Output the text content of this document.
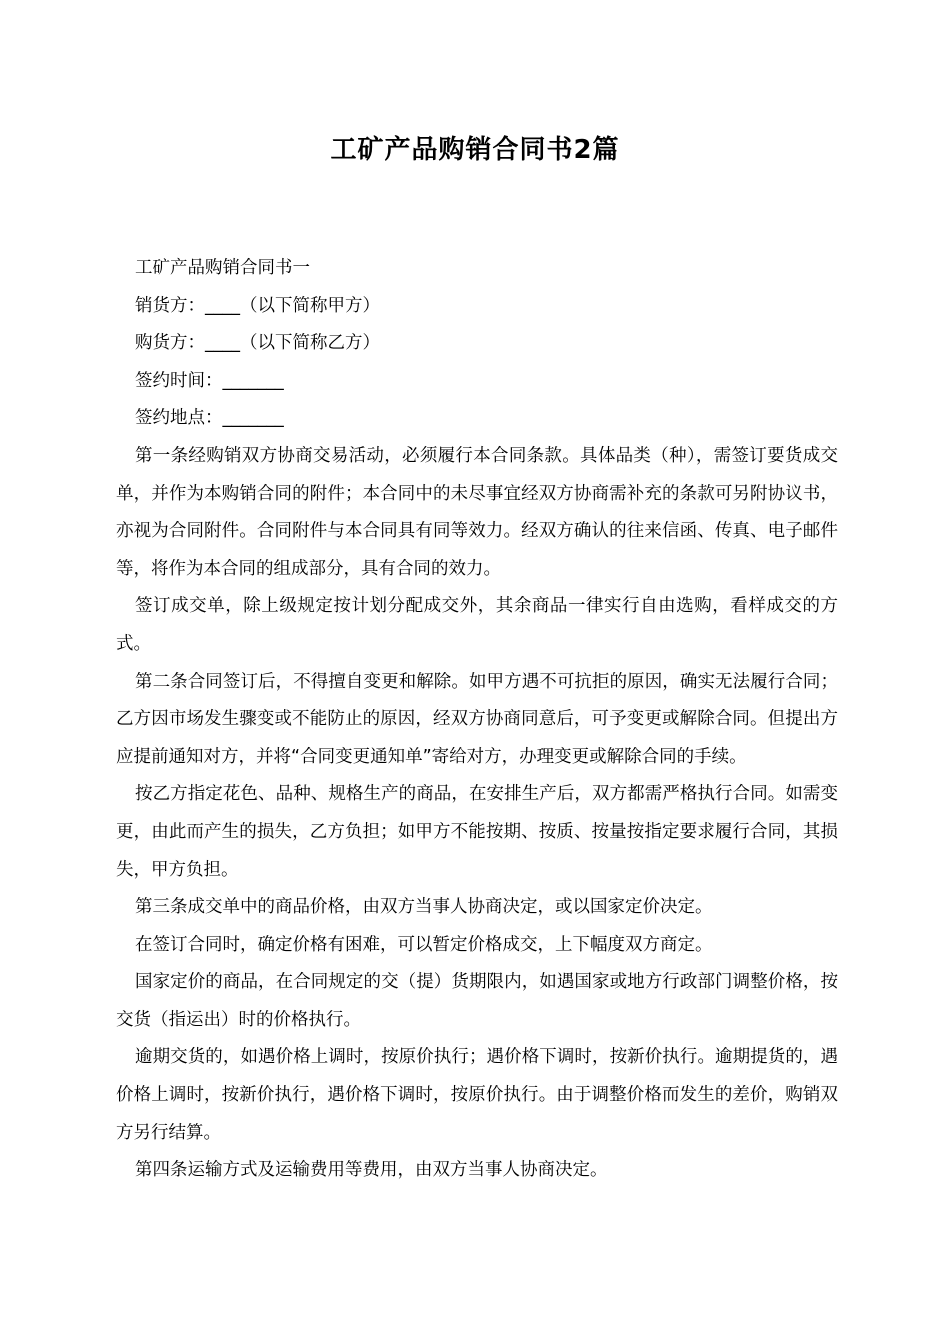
工矿产品购销合同书2篇

工矿产品购销合同书一

销货方：____（以下简称甲方）

购货方：____（以下简称乙方）

签约时间：_______

签约地点：_______

第一条经购销双方协商交易活动，必须履行本合同条款。具体品类（种），需签订要货成交单，并作为本购销合同的附件；本合同中的未尽事宜经双方协商需补充的条款可另附协议书，亦视为合同附件。合同附件与本合同具有同等效力。经双方确认的往来信函、传真、电子邮件等，将作为本合同的组成部分，具有合同的效力。

签订成交单，除上级规定按计划分配成交外，其余商品一律实行自由选购，看样成交的方式。

第二条合同签订后，不得擅自变更和解除。如甲方遇不可抗拒的原因，确实无法履行合同；乙方因市场发生骤变或不能防止的原因，经双方协商同意后，可予变更或解除合同。但提出方应提前通知对方，并将“合同变更通知单”寄给对方，办理变更或解除合同的手续。

按乙方指定花色、品种、规格生产的商品，在安排生产后，双方都需严格执行合同。如需变更，由此而产生的损失，乙方负担；如甲方不能按期、按质、按量按指定要求履行合同，其损失，甲方负担。

第三条成交单中的商品价格，由双方当事人协商决定，或以国家定价决定。

在签订合同时，确定价格有困难，可以暂定价格成交，上下幅度双方商定。

国家定价的商品，在合同规定的交（提）货期限内，如遇国家或地方行政部门调整价格，按交货（指运出）时的价格执行。

逾期交货的，如遇价格上调时，按原价执行；遇价格下调时，按新价执行。逾期提货的，遇价格上调时，按新价执行，遇价格下调时，按原价执行。由于调整价格而发生的差价，购销双方另行结算。

第四条运输方式及运输费用等费用，由双方当事人协商决定。
